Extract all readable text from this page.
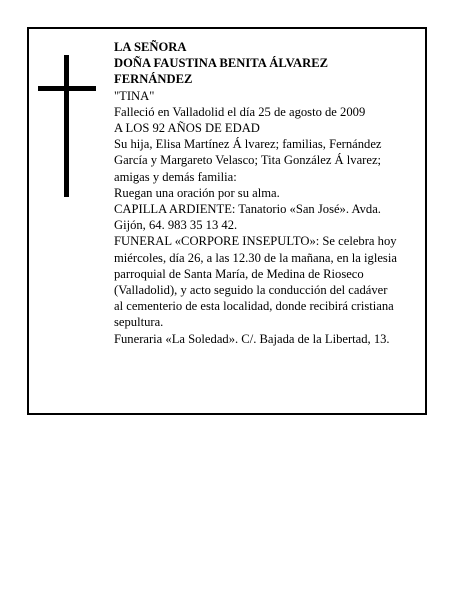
LA SEÑORA
DOÑA FAUSTINA BENITA ÁLVAREZ
FERNÁNDEZ
"TINA"
Falleció en Valladolid el día 25 de agosto de 2009
A LOS 92 AÑOS DE EDAD
Su hija, Elisa Martínez Á lvarez; familias, Fernández
García y Margareto Velasco; Tita González Á lvarez;
amigas y demás familia:
Ruegan una oración por su alma.
CAPILLA ARDIENTE: Tanatorio «San José». Avda.
Gijón, 64. 983 35 13 42.
FUNERAL «CORPORE INSEPULTO»: Se celebra hoy
miércoles, día 26, a las 12.30 de la mañana, en la iglesia
parroquial de Santa María, de Medina de Rioseco
(Valladolid), y acto seguido la conducción del cadáver
al cementerio de esta localidad, donde recibirá cristiana
sepultura.
Funeraria «La Soledad». C/. Bajada de la Libertad, 13.
